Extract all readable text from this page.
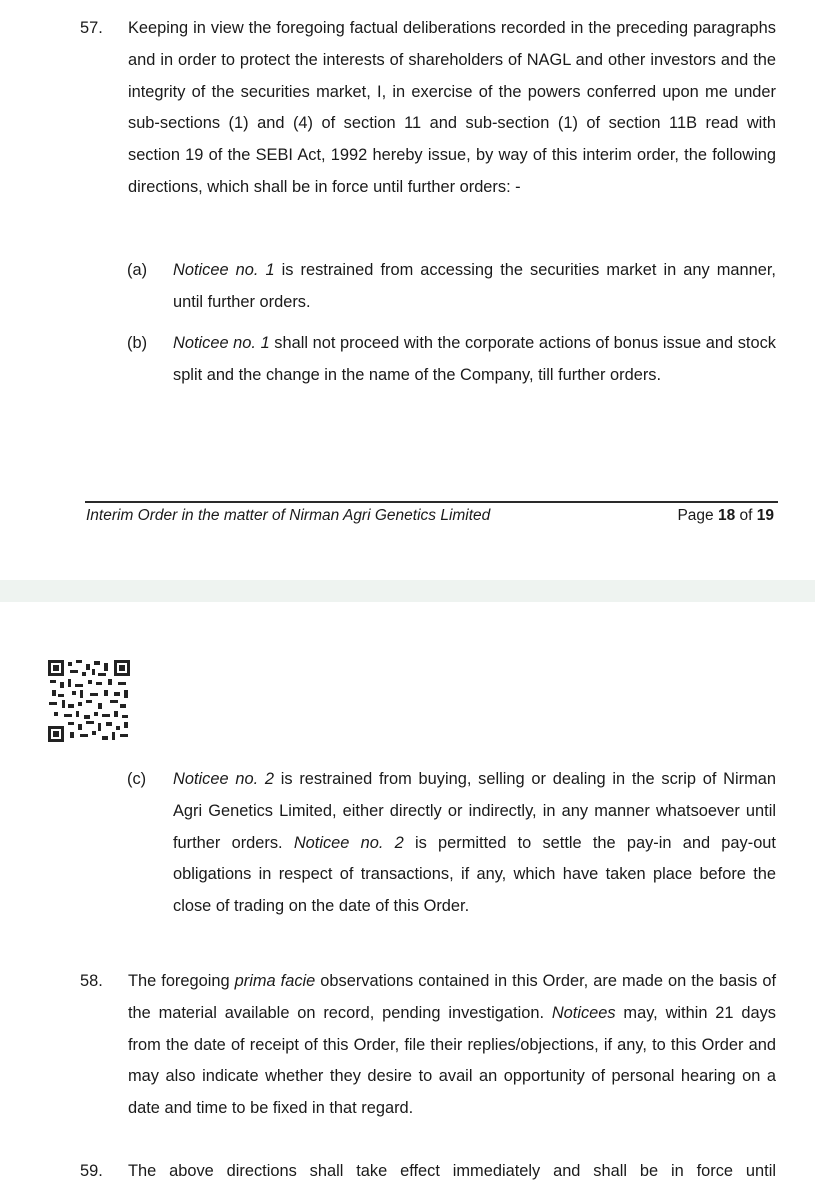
57. Keeping in view the foregoing factual deliberations recorded in the preceding paragraphs and in order to protect the interests of shareholders of NAGL and other investors and the integrity of the securities market, I, in exercise of the powers conferred upon me under sub-sections (1) and (4) of section 11 and sub-section (1) of section 11B read with section 19 of the SEBI Act, 1992 hereby issue, by way of this interim order, the following directions, which shall be in force until further orders: -
(a) Noticee no. 1 is restrained from accessing the securities market in any manner, until further orders.
(b) Noticee no. 1 shall not proceed with the corporate actions of bonus issue and stock split and the change in the name of the Company, till further orders.
Interim Order in the matter of Nirman Agri Genetics Limited	Page 18 of 19
(c) Noticee no. 2 is restrained from buying, selling or dealing in the scrip of Nirman Agri Genetics Limited, either directly or indirectly, in any manner whatsoever until further orders. Noticee no. 2 is permitted to settle the pay-in and pay-out obligations in respect of transactions, if any, which have taken place before the close of trading on the date of this Order.
58. The foregoing prima facie observations contained in this Order, are made on the basis of the material available on record, pending investigation. Noticees may, within 21 days from the date of receipt of this Order, file their replies/objections, if any, to this Order and may also indicate whether they desire to avail an opportunity of personal hearing on a date and time to be fixed in that regard.
59. The above directions shall take effect immediately and shall be in force until
